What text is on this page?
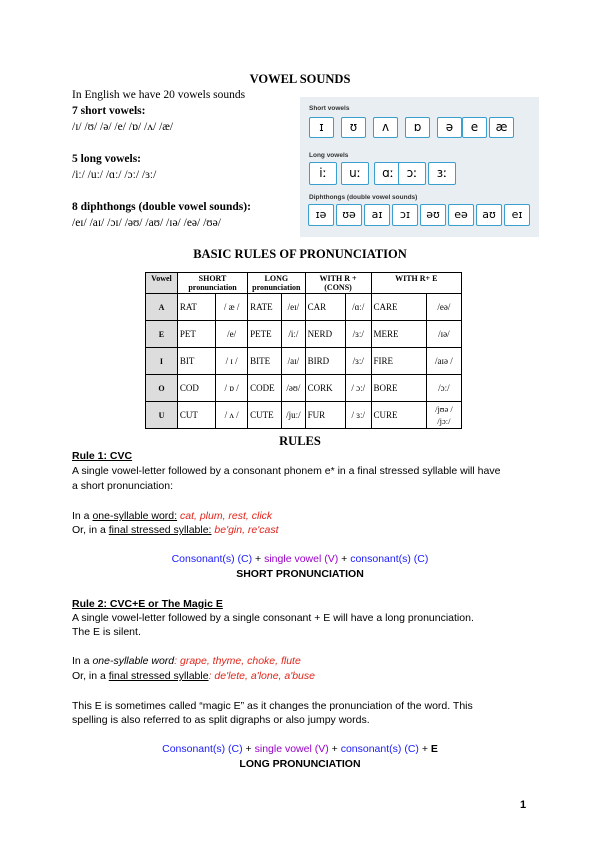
VOWEL SOUNDS
In English we have 20 vowels sounds
7 short vowels:
/ɪ/ /ʊ/ /ə/ /e/ /ɒ/ /ʌ/ /æ/
5 long vowels:
/iː/ /uː/ /ɑː/ /ɔː/ /ɜː/
8 diphthongs (double vowel sounds):
/eɪ/ /aɪ/ /ɔɪ/ /əʊ/ /aʊ/ /ɪə/ /eə/ /ʊə/
Short vowels
ɪ	ʊ	ʌ	ɒ	ə	e	æ
Long vowels
iː	uː	ɑː	ɔː	ɜː
Diphthongs (double vowel sounds)
ɪə	ʊə	aɪ	ɔɪ	əʊ	eə	aʊ	eɪ
BASIC RULES OF PRONUNCIATION
Vowel	SHORT pronunciation		LONG pronunciation		WITH R + (CONS)		WITH R+ E	
A	RAT	/ æ /	RATE	/eɪ/	CAR	/ɑː/	CARE	/eə/
E	PET	/e/	PETE	/iː/	NERD	/ɜː/	MERE	/ɪə/
I	BIT	/ ɪ /	BITE	/aɪ/	BIRD	/ɜː/	FIRE	/aɪə /
O	COD	/ ɒ /	CODE	/əʊ/	CORK	/ ɔː/	BORE	/ɔː/
U	CUT	/ ʌ /	CUTE	/juː/	FUR	/ ɜː/	CURE	/jʊə / /jɔː/
RULES
Rule 1: CVC
A single vowel-letter followed by a consonant phonem e* in a final stressed syllable will have
a short pronunciation:
In a one-syllable word: cat, plum, rest, click
Or, in a final stressed syllable: be'gin, re'cast
Consonant(s) (C) + single vowel (V) + consonant(s) (C)
SHORT PRONUNCIATION
Rule 2: CVC+E or The Magic E
A single vowel-letter followed by a single consonant + E will have a long pronunciation.
The E is silent.
In a one-syllable word: grape, thyme, choke, flute
Or, in a final stressed syllable: de'lete, a'lone, a'buse
This E is sometimes called “magic E” as it changes the pronunciation of the word. This
spelling is also referred to as split digraphs or also jumpy words.
Consonant(s) (C) + single vowel (V) + consonant(s) (C) + E
LONG PRONUNCIATION
1
